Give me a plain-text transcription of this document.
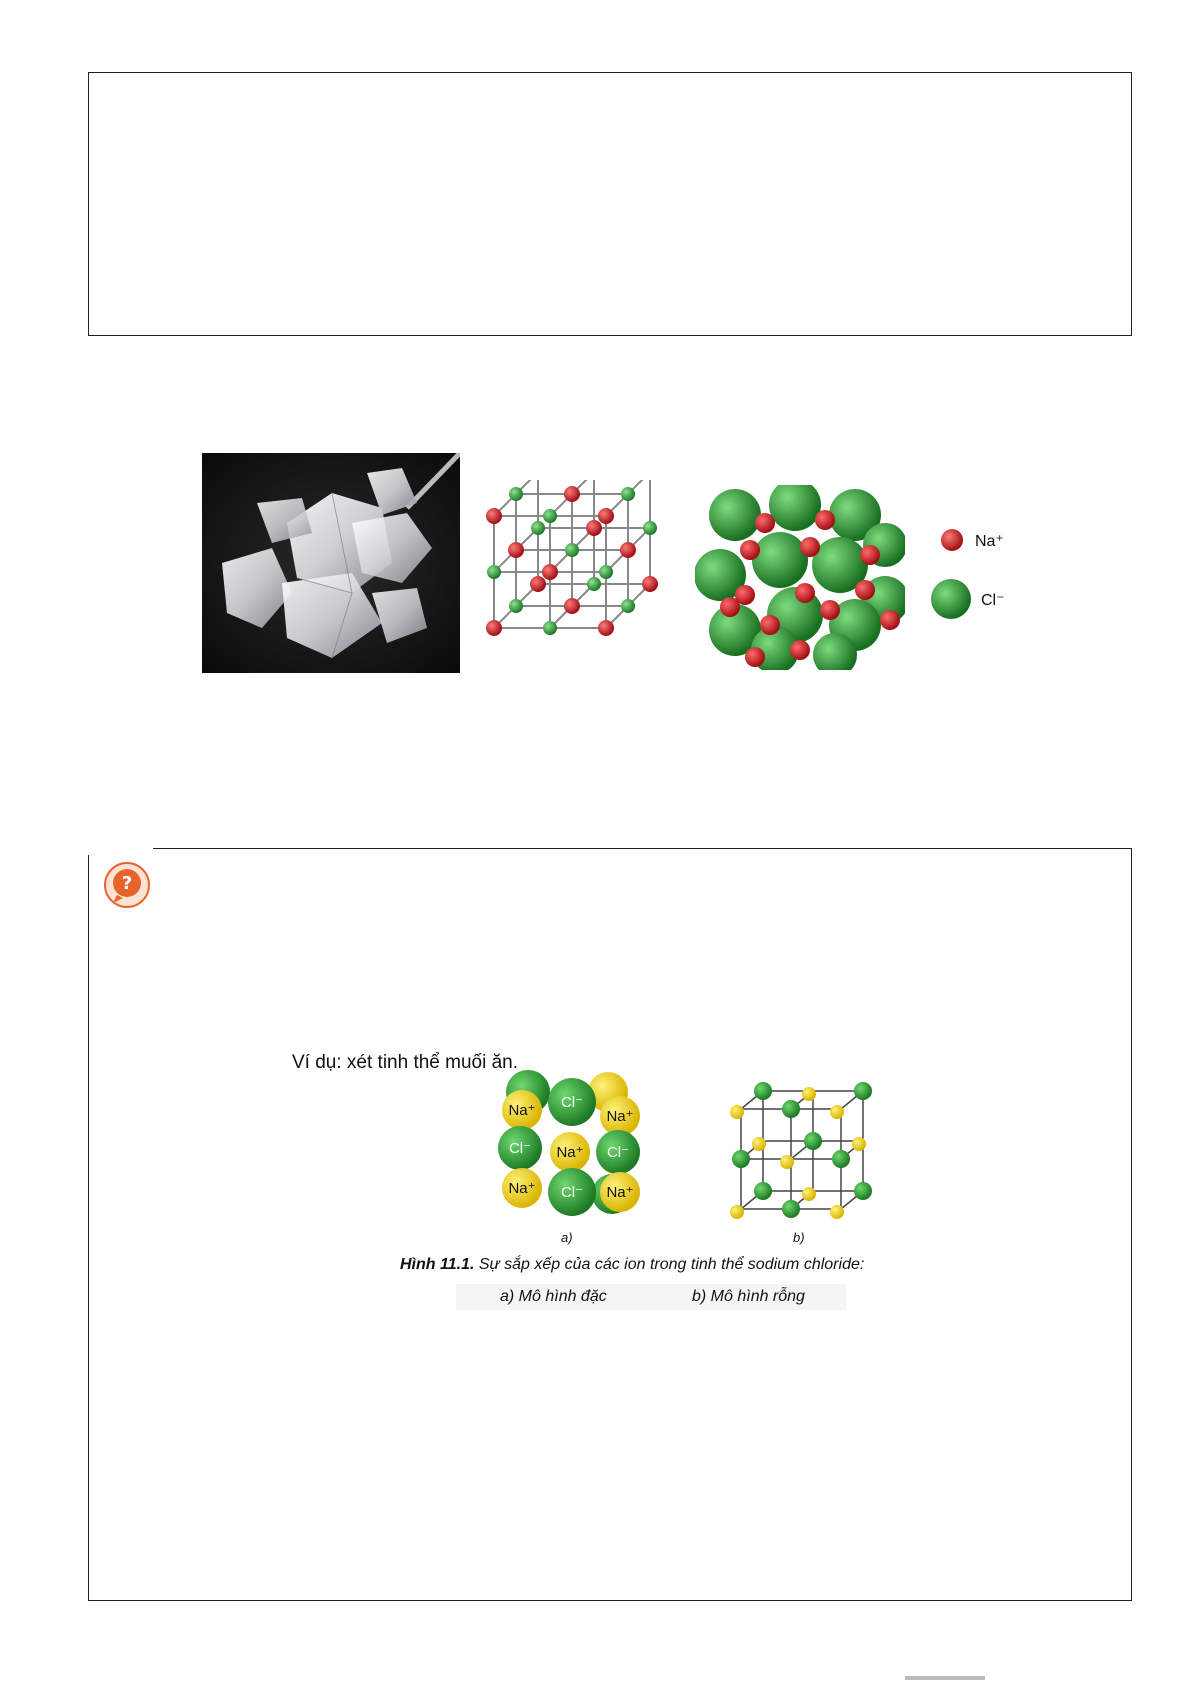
Na⁺
Cl⁻
?
Ví dụ: xét tinh thể muối ăn.
Na⁺ Cl⁻
Na⁺
Cl⁻ Na⁺ Cl⁻
Na⁺ Cl⁻ Na⁺
a)	b)
Hình 11.1. Sự sắp xếp của các ion trong tinh thể sodium chloride:
a) Mô hình đặc	b) Mô hình rỗng
